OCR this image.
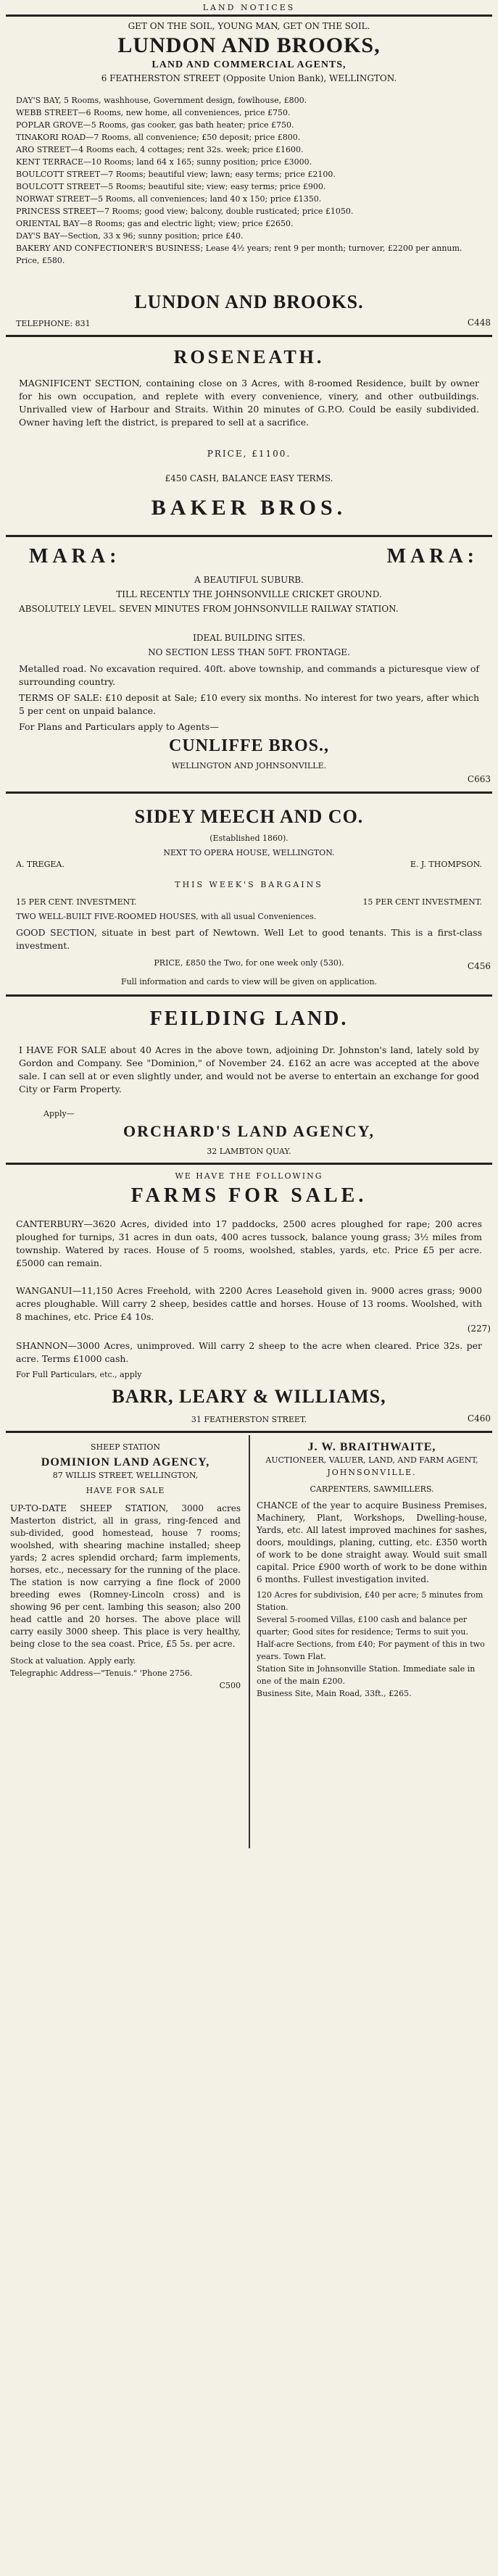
LAND NOTICES
GET ON THE SOIL, YOUNG MAN, GET ON THE SOIL.
LUNDON AND BROOKS,
LAND AND COMMERCIAL AGENTS,
6 FEATHERSTON STREET (Opposite Union Bank), WELLINGTON.
DAY'S BAY, 5 Rooms, washhouse, Government design, fowlhouse, £800.
WEBB STREET—6 Rooms, new home, all conveniences, price £750.
POPLAR GROVE—5 Rooms, gas cooker, gas bath heater; price £750.
TINAKORI ROAD—7 Rooms, all convenience; £50 deposit; price £800.
ARO STREET—4 Rooms each, 4 cottages; rent 32s. week; price £1600.
KENT TERRACE—10 Rooms; land 64 x 165; sunny position; price £3000.
BOULCOTT STREET—7 Rooms; beautiful view; lawn; easy terms; price £2100.
BOULCOTT STREET—5 Rooms; beautiful site; view; easy terms; price £900.
NORWAT STREET—5 Rooms, all conveniences; land 40 x 150; price £1350.
PRINCESS STREET—7 Rooms; good view; balcony, double rusticated; price £1050.
ORIENTAL BAY—8 Rooms; gas and electric light; view; price £2650.
DAY'S BAY—Section, 33 x 96; sunny position; price £40.
BAKERY AND CONFECTIONER'S BUSINESS; Lease 4½ years; rent 9 per month; turnover, £2200 per annum. Price, £580.
LUNDON AND BROOKS.
TELEPHONE: 831	C448
ROSENEATH.
MAGNIFICENT SECTION, containing close on 3 Acres, with 8-roomed Residence, built by owner for his own occupation, and replete with every convenience, vinery, and other outbuildings. Unrivalled view of Harbour and Straits. Within 20 minutes of G.P.O. Could be easily subdivided. Owner having left the district, is prepared to sell at a sacrifice.
PRICE, £1100.
£450 CASH, BALANCE EASY TERMS.
BAKER BROS.
MARA:	MARA:
A BEAUTIFUL SUBURB.
TILL RECENTLY THE JOHNSONVILLE CRICKET GROUND.
ABSOLUTELY LEVEL. SEVEN MINUTES FROM JOHNSONVILLE RAILWAY STATION.
IDEAL BUILDING SITES.
NO SECTION LESS THAN 50FT. FRONTAGE.
Metalled road. No excavation required. 40ft. above township, and commands a picturesque view of surrounding country.
TERMS OF SALE: £10 deposit at Sale; £10 every six months. No interest for two years, after which 5 per cent on unpaid balance.
For Plans and Particulars apply to Agents—
CUNLIFFE BROS.,
WELLINGTON AND JOHNSONVILLE.
C663
SIDEY MEECH AND CO.
(Established 1860).
NEXT TO OPERA HOUSE, WELLINGTON.
A. TREGEA.	E. J. THOMPSON.
THIS WEEK'S BARGAINS
15 PER CENT. INVESTMENT.	15 PER CENT INVESTMENT.
TWO WELL-BUILT FIVE-ROOMED HOUSES, with all usual Conveniences.
GOOD SECTION, situate in best part of Newtown. Well Let to good tenants. This is a first-class investment.
PRICE, £850 the Two, for one week only (530).
Full information and cards to view will be given on application.
C456
FEILDING LAND.
I HAVE FOR SALE about 40 Acres in the above town, adjoining Dr. Johnston's land, lately sold by Gordon and Company. See "Dominion," of November 24. £162 an acre was accepted at the above sale. I can sell at or even slightly under, and would not be averse to entertain an exchange for good City or Farm Property.
Apply—
ORCHARD'S LAND AGENCY,
32 LAMBTON QUAY.
WE HAVE THE FOLLOWING
FARMS FOR SALE.
CANTERBURY—3620 Acres, divided into 17 paddocks, 2500 acres ploughed for rape; 200 acres ploughed for turnips, 31 acres in dun oats, 400 acres tussock, balance young grass; 3½ miles from township. Watered by races. House of 5 rooms, woolshed, stables, yards, etc. Price £5 per acre. £5000 can remain.
WANGANUI—11,150 Acres Freehold, with 2200 Acres Leasehold given in. 9000 acres grass; 9000 acres ploughable. Will carry 2 sheep, besides cattle and horses. House of 13 rooms. Woolshed, with 8 machines, etc. Price £4 10s.
(227)
SHANNON—3000 Acres, unimproved. Will carry 2 sheep to the acre when cleared. Price 32s. per acre. Terms £1000 cash.
For Full Particulars, etc., apply
BARR, LEARY & WILLIAMS,
31 FEATHERSTON STREET.	C460
SHEEP STATION
DOMINION LAND AGENCY,
87 WILLIS STREET, WELLINGTON,
HAVE FOR SALE
UP-TO-DATE SHEEP STATION, 3000 acres Masterton district, all in grass, ring-fenced and sub-divided, good homestead, house 7 rooms; woolshed, with shearing machine installed; sheep yards; 2 acres splendid orchard; farm implements, horses, etc., necessary for the running of the place. The station is now carrying a fine flock of 2000 breeding ewes (Romney-Lincoln cross) and is showing 96 per cent. lambing this season; also 200 head cattle and 20 horses. The above place will carry easily 3000 sheep. This place is very healthy, being close to the sea coast. Price, £5 5s. per acre.
Stock at valuation. Apply early.
Telegraphic Address—"Tenuis." 'Phone 2756.
C500
J. W. BRAITHWAITE,
AUCTIONEER, VALUER, LAND, AND FARM AGENT,
JOHNSONVILLE.
CARPENTERS, SAWMILLERS.
CHANCE of the year to acquire Business Premises, Machinery, Plant, Workshops, Dwelling-house, Yards, etc. All latest improved machines for sashes, doors, mouldings, planing, cutting, etc. £350 worth of work to be done straight away. Would suit small capital. Price £900 worth of work to be done within 6 months. Fullest investigation invited.
120 Acres for subdivision, £40 per acre; 5 minutes from Station.
Several 5-roomed Villas, £100 cash and balance per quarter; Good sites for residence; Terms to suit you.
Half-acre Sections, from £40; For payment of this in two years. Town Flat.
Station Site in Johnsonville Station. Immediate sale in one of the main £200.
Business Site, Main Road, 33ft., £265.
